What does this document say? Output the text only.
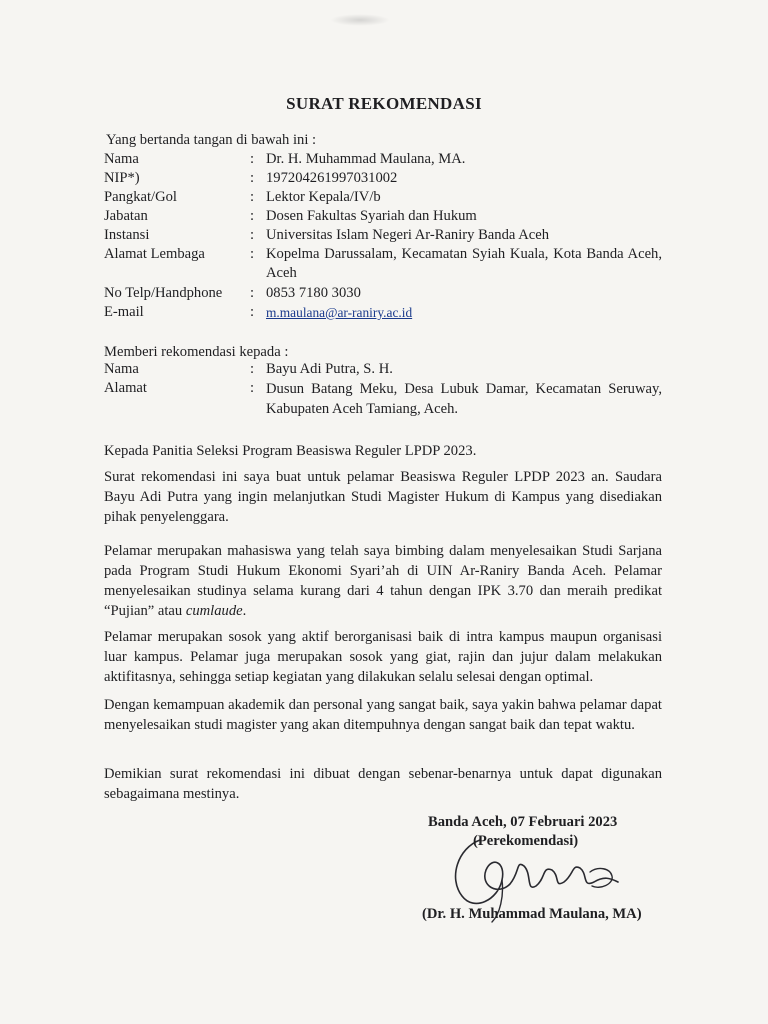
SURAT REKOMENDASI
Yang bertanda tangan di bawah ini :
Nama	: Dr. H. Muhammad Maulana, MA.
NIP*)	: 197204261997031002
Pangkat/Gol	: Lektor Kepala/IV/b
Jabatan	: Dosen Fakultas Syariah dan Hukum
Instansi	: Universitas Islam Negeri Ar-Raniry Banda Aceh
Alamat Lembaga	: Kopelma Darussalam, Kecamatan Syiah Kuala, Kota Banda Aceh, Aceh
No Telp/Handphone : 0853 7180 3030
E-mail	: m.maulana@ar-raniry.ac.id
Memberi rekomendasi kepada :
Nama	: Bayu Adi Putra, S. H.
Alamat	: Dusun Batang Meku, Desa Lubuk Damar, Kecamatan Seruway, Kabupaten Aceh Tamiang, Aceh.
Kepada Panitia Seleksi Program Beasiswa Reguler LPDP 2023.
Surat rekomendasi ini saya buat untuk pelamar Beasiswa Reguler LPDP 2023 an. Saudara Bayu Adi Putra yang ingin melanjutkan Studi Magister Hukum di Kampus yang disediakan pihak penyelenggara.
Pelamar merupakan mahasiswa yang telah saya bimbing dalam menyelesaikan Studi Sarjana pada Program Studi Hukum Ekonomi Syari’ah di UIN Ar-Raniry Banda Aceh. Pelamar menyelesaikan studinya selama kurang dari 4 tahun dengan IPK 3.70 dan meraih predikat “Pujian” atau cumlaude.
Pelamar merupakan sosok yang aktif berorganisasi baik di intra kampus maupun organisasi luar kampus. Pelamar juga merupakan sosok yang giat, rajin dan jujur dalam melakukan aktifitasnya, sehingga setiap kegiatan yang dilakukan selalu selesai dengan optimal.
Dengan kemampuan akademik dan personal yang sangat baik, saya yakin bahwa pelamar dapat menyelesaikan studi magister yang akan ditempuhnya dengan sangat baik dan tepat waktu.
Demikian surat rekomendasi ini dibuat dengan sebenar-benarnya untuk dapat digunakan sebagaimana mestinya.
Banda Aceh, 07 Februari 2023
(Perekomendasi)
(Dr. H. Muhammad Maulana, MA)
